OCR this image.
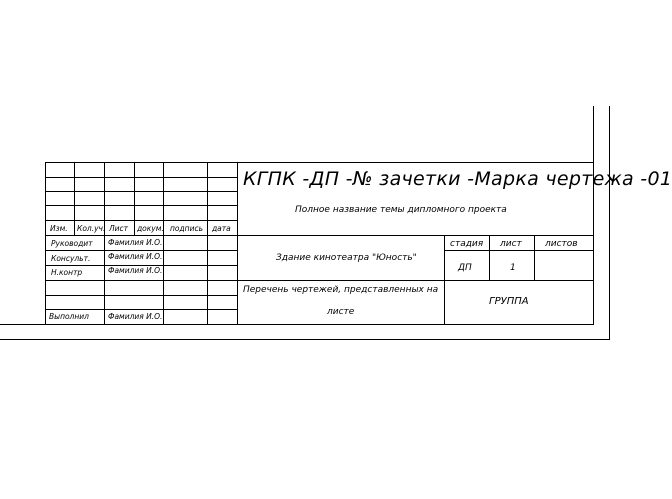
КГПК -ДП -№ зачетки -Марка чертежа -01
Полное название темы дипломного проекта
Изм. Кол.уч. Лист докум. подпись дата
Руководит Фамилия И.О.
Консульт. Фамилия И.О.
Н.контр	Фамилия И.О.
Выполнил	Фамилия И.О.
Здание кинотеатра "Юность"
стадия лист	листов
ДП	1
Перечень чертежей, представленных на
листе
ГРУППА
